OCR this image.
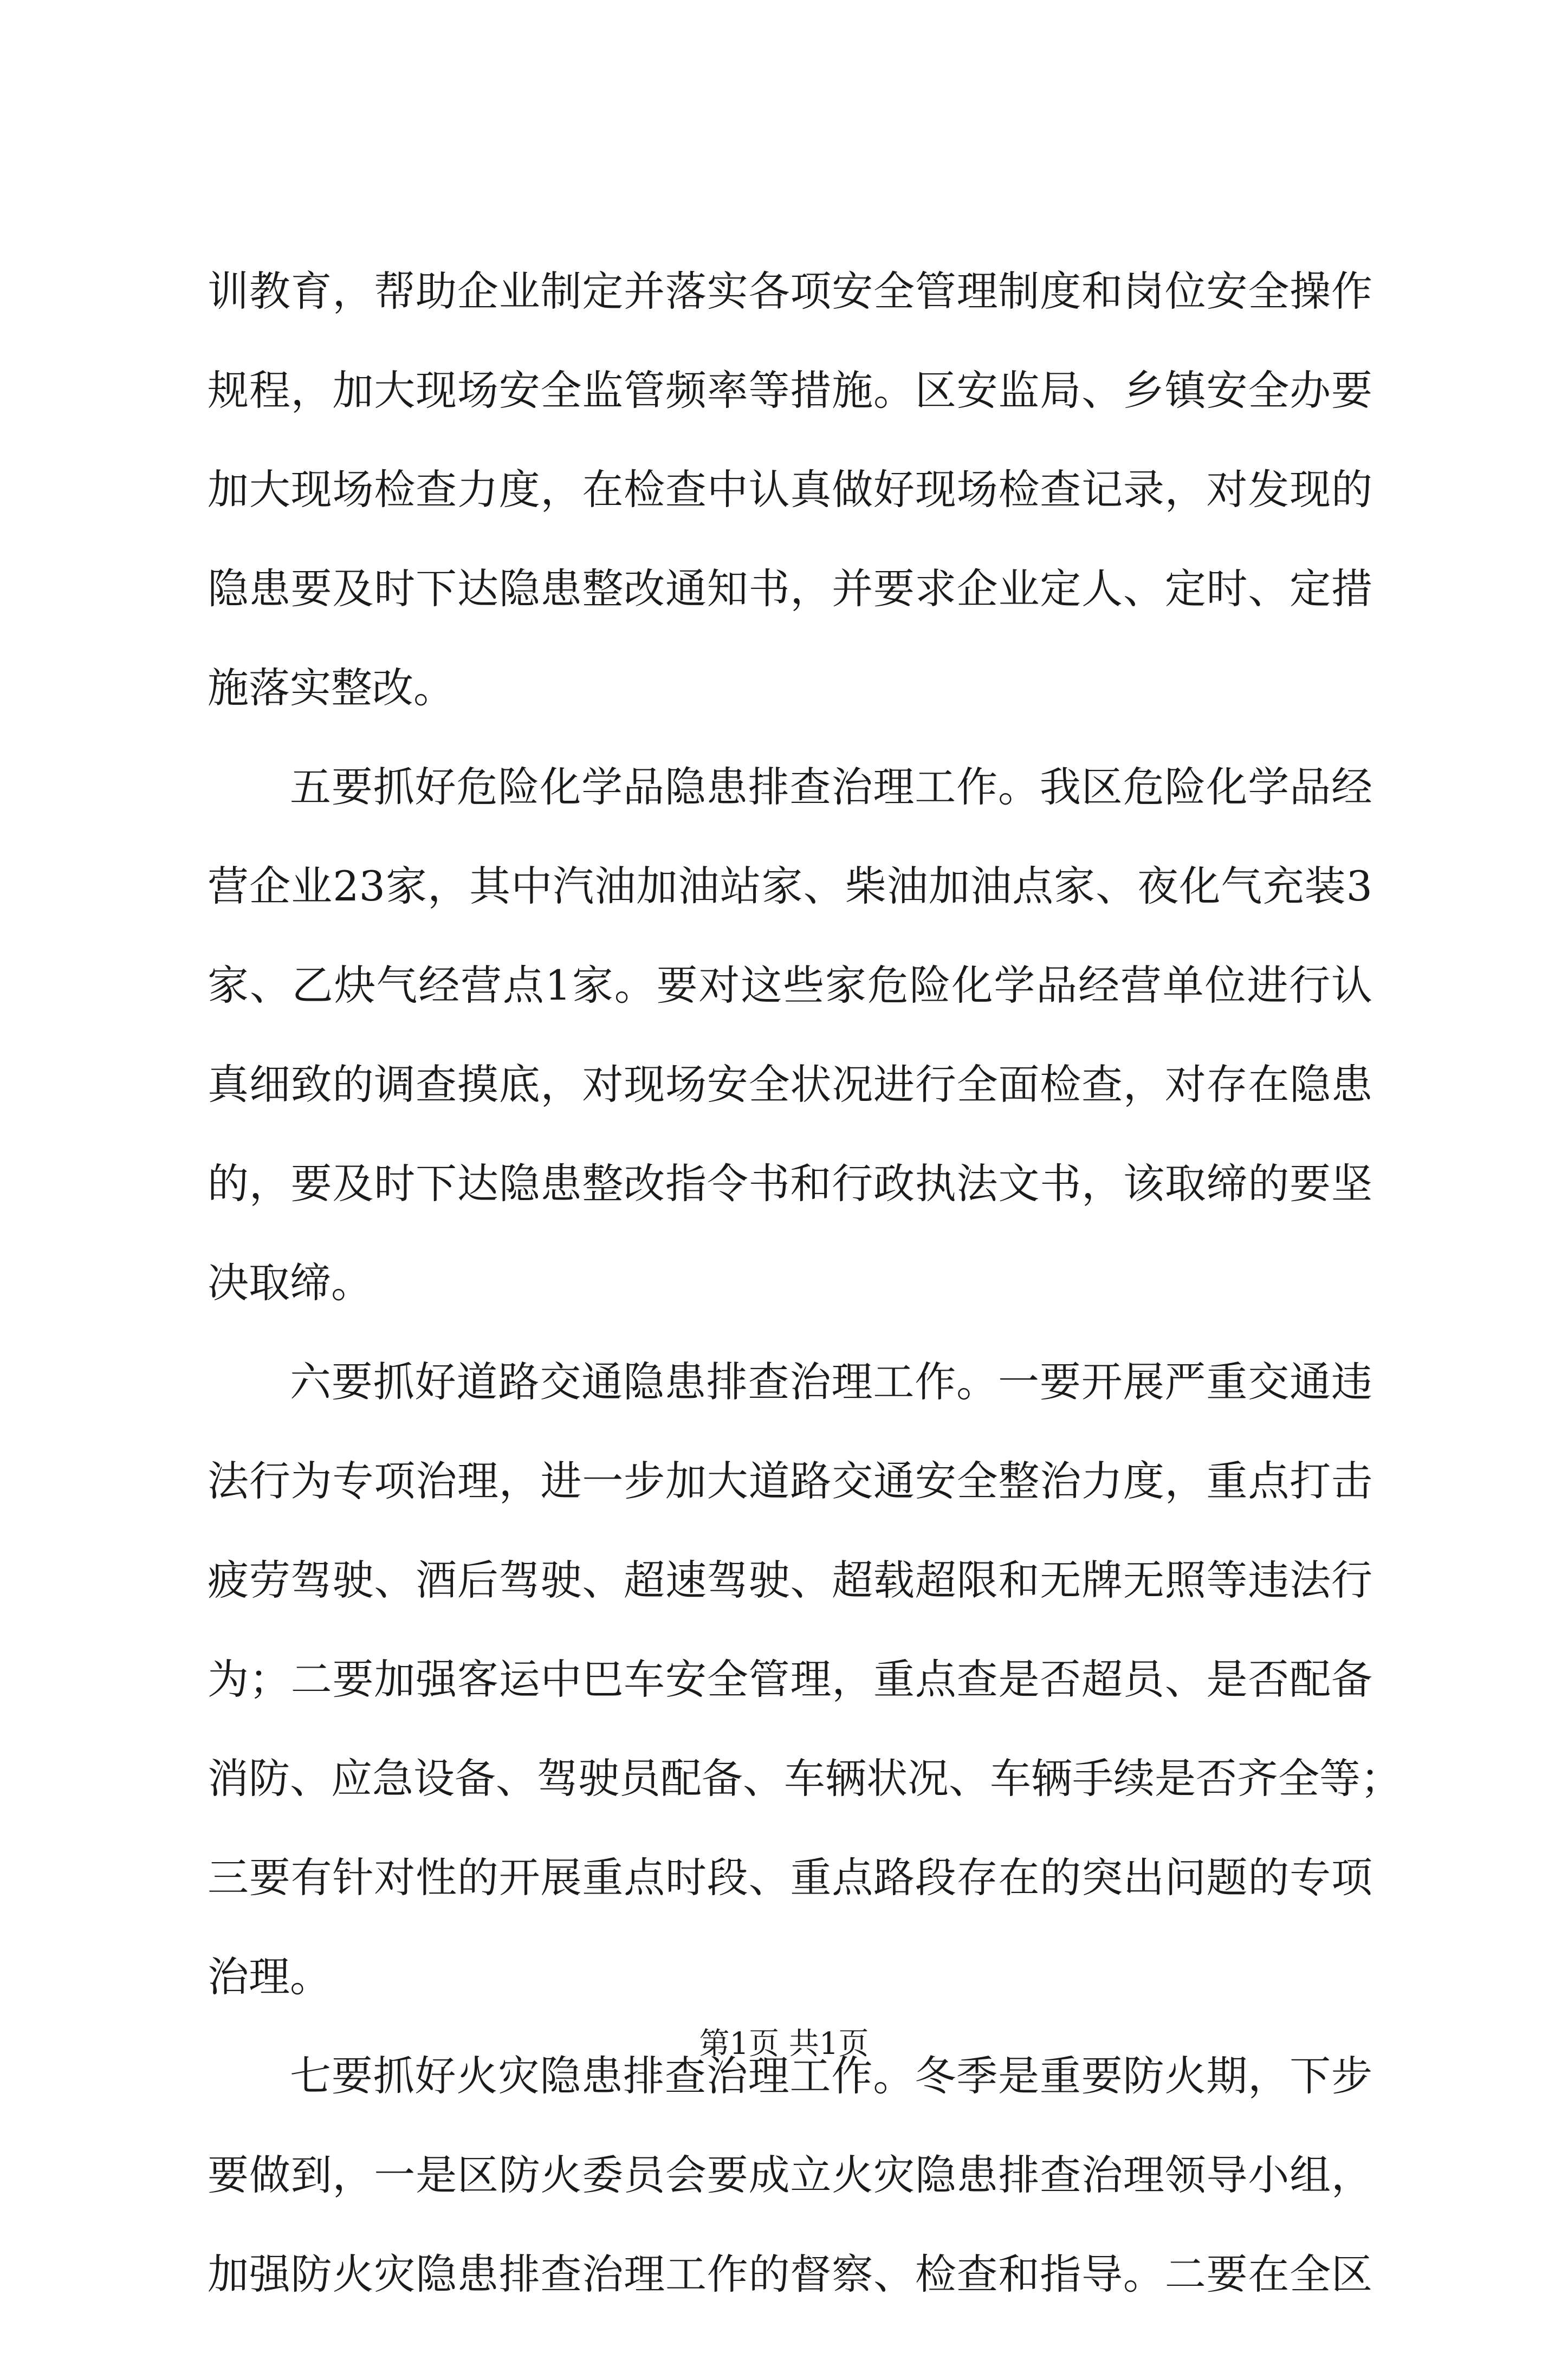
训教育，帮助企业制定并落实各项安全管理制度和岗位安全操作
规程，加大现场安全监管频率等措施。区安监局、乡镇安全办要
加大现场检查力度，在检查中认真做好现场检查记录，对发现的
隐患要及时下达隐患整改通知书，并要求企业定人、定时、定措
施落实整改。
五要抓好危险化学品隐患排查治理工作。我区危险化学品经
营企业23家，其中汽油加油站家、柴油加油点家、夜化气充装3
家、乙炔气经营点1家。要对这些家危险化学品经营单位进行认
真细致的调查摸底，对现场安全状况进行全面检查，对存在隐患
的，要及时下达隐患整改指令书和行政执法文书，该取缔的要坚
决取缔。
六要抓好道路交通隐患排查治理工作。一要开展严重交通违
法行为专项治理，进一步加大道路交通安全整治力度，重点打击
疲劳驾驶、酒后驾驶、超速驾驶、超载超限和无牌无照等违法行
为；二要加强客运中巴车安全管理，重点查是否超员、是否配备
消防、应急设备、驾驶员配备、车辆状况、车辆手续是否齐全等；
三要有针对性的开展重点时段、重点路段存在的突出问题的专项
治理。
七要抓好火灾隐患排查治理工作。冬季是重要防火期，下步
要做到，一是区防火委员会要成立火灾隐患排查治理领导小组，
加强防火灾隐患排查治理工作的督察、检查和指导。二要在全区
第1页 共1页
